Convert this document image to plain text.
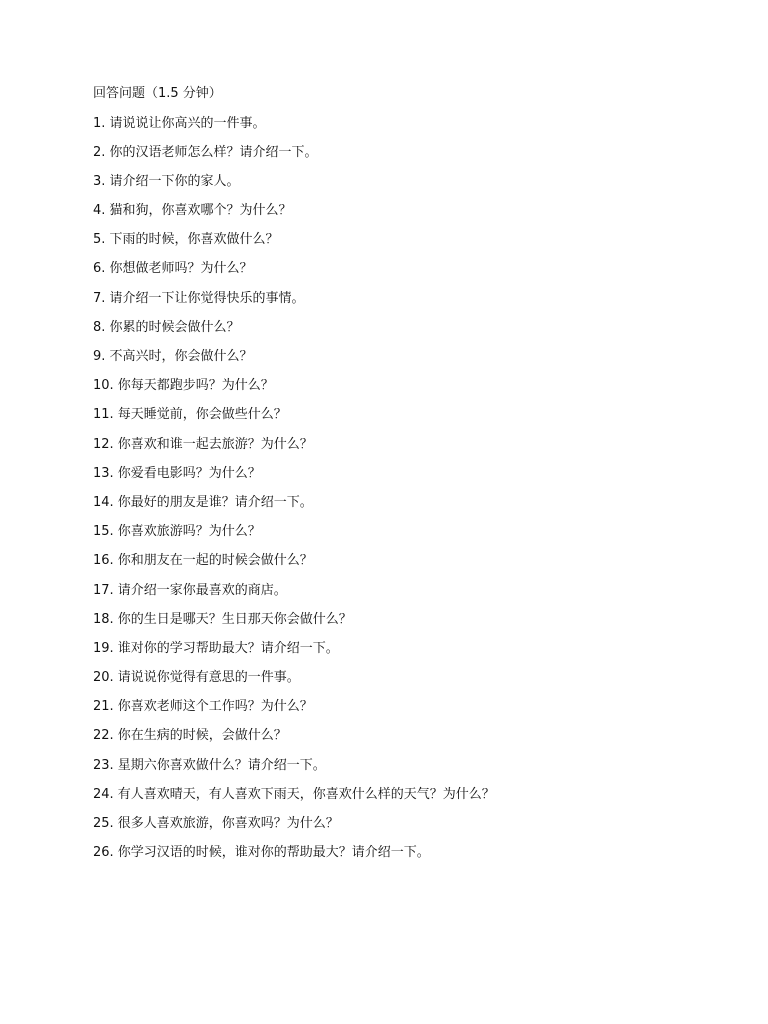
回答问题（1.5 分钟）
1. 请说说让你高兴的一件事。
2. 你的汉语老师怎么样？请介绍一下。
3. 请介绍一下你的家人。
4. 猫和狗，你喜欢哪个？为什么？
5. 下雨的时候，你喜欢做什么？
6. 你想做老师吗？为什么？
7. 请介绍一下让你觉得快乐的事情。
8. 你累的时候会做什么？
9. 不高兴时，你会做什么？
10. 你每天都跑步吗？为什么？
11. 每天睡觉前，你会做些什么？
12. 你喜欢和谁一起去旅游？为什么？
13. 你爱看电影吗？为什么？
14. 你最好的朋友是谁？请介绍一下。
15. 你喜欢旅游吗？为什么？
16. 你和朋友在一起的时候会做什么？
17. 请介绍一家你最喜欢的商店。
18. 你的生日是哪天？生日那天你会做什么？
19. 谁对你的学习帮助最大？请介绍一下。
20. 请说说你觉得有意思的一件事。
21. 你喜欢老师这个工作吗？为什么？
22. 你在生病的时候，会做什么？
23. 星期六你喜欢做什么？请介绍一下。
24. 有人喜欢晴天，有人喜欢下雨天，你喜欢什么样的天气？为什么？
25. 很多人喜欢旅游，你喜欢吗？为什么？
26. 你学习汉语的时候，谁对你的帮助最大？请介绍一下。
